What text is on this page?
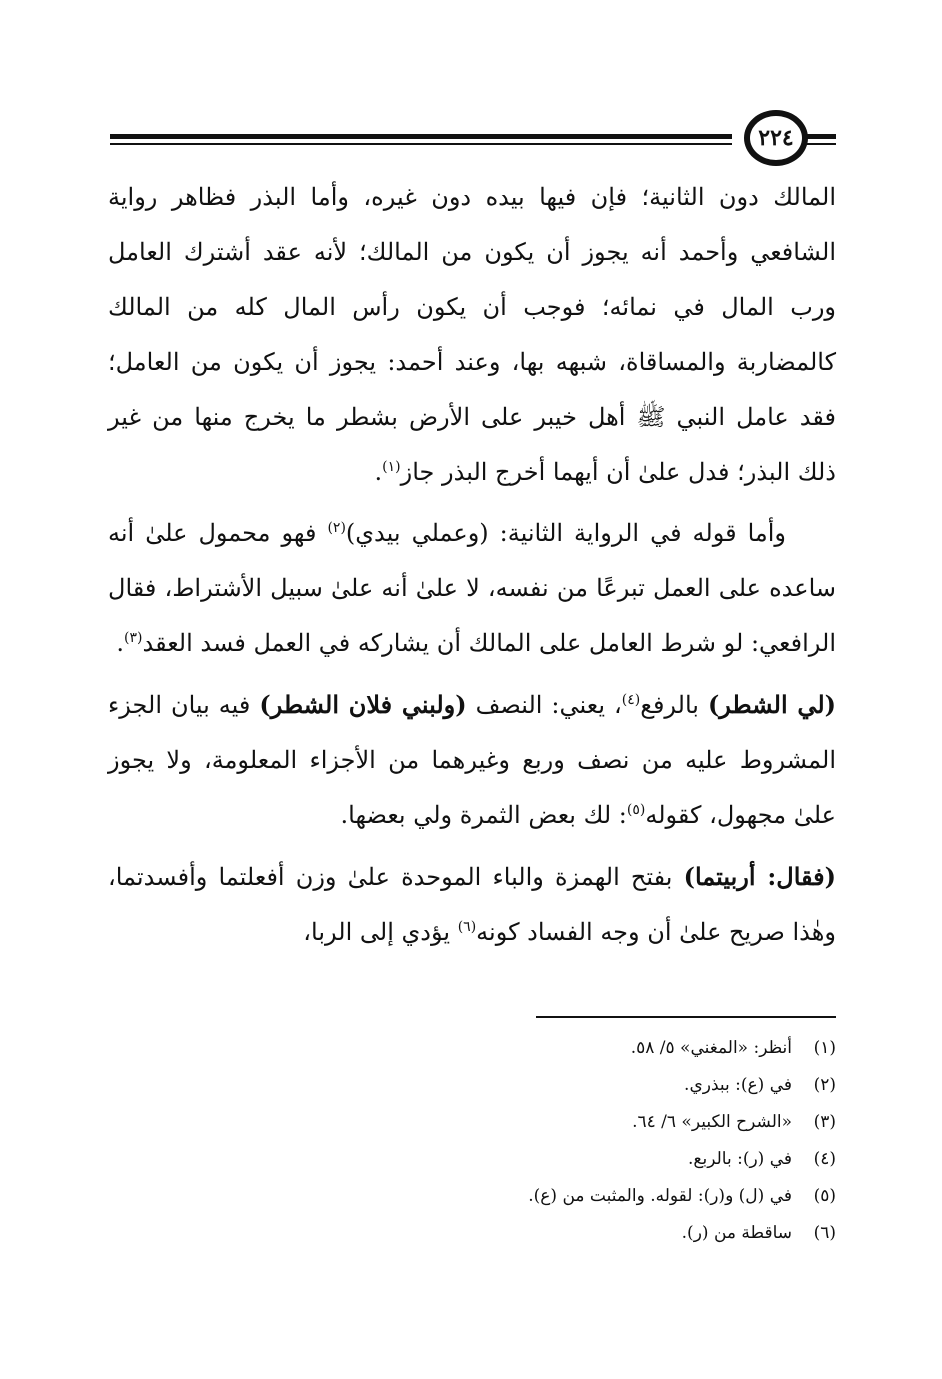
٢٢٤

المالك دون الثانية؛ فإن فيها بيده دون غيره، وأما البذر فظاهر رواية الشافعي وأحمد أنه يجوز أن يكون من المالك؛ لأنه عقد أشترك العامل ورب المال في نمائه؛ فوجب أن يكون رأس المال كله من المالك كالمضاربة والمساقاة، شبهه بها، وعند أحمد: يجوز أن يكون من العامل؛ فقد عامل النبي ﷺ أهل خيبر على الأرض بشطر ما يخرج منها من غير ذلك البذر؛ فدل علىٰ أن أيهما أخرج البذر جاز$^{(١)}$.

وأما قوله في الرواية الثانية: (وعملي بيدي)$^{(٢)}$ فهو محمول علىٰ أنه ساعده على العمل تبرعًا من نفسه، لا علىٰ أنه علىٰ سبيل الأشتراط، فقال الرافعي: لو شرط العامل على المالك أن يشاركه في العمل فسد العقد$^{(٣)}$.

(لي الشطر) بالرفع$^{(٤)}$، يعني: النصف (ولبني فلان الشطر) فيه بيان الجزء المشروط عليه من نصف وربع وغيرهما من الأجزاء المعلومة، ولا يجوز علىٰ مجهول، كقوله$^{(٥)}$: لك بعض الثمرة ولي بعضها.

(فقال: أربيتما) بفتح الهمزة والباء الموحدة علىٰ وزن أفعلتما وأفسدتما، وهٰذا صريح علىٰ أن وجه الفساد كونه$^{(٦)}$ يؤدي إلى الربا،

(١)
أنظر: «المغني» ٥/ ٥٨.
(٢)
في (ع): ببذري.
(٣)
«الشرح الكبير» ٦/ ٦٤.
(٤)
في (ر): بالربع.
(٥)
في (ل) و(ر): لقوله. والمثبت من (ع).
(٦)
ساقطة من (ر).
